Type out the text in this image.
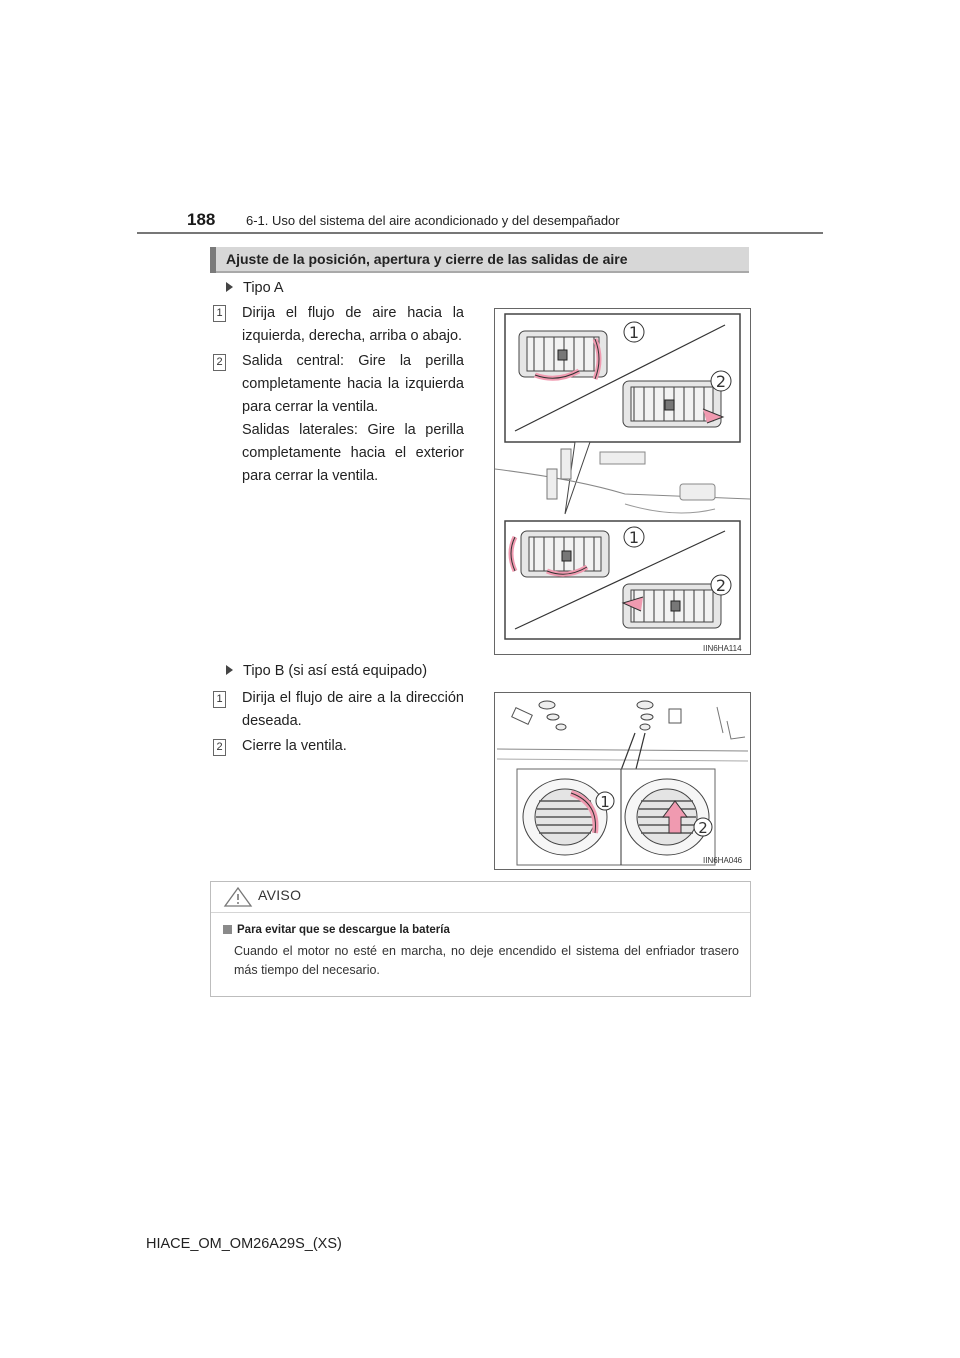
188 6-1. Uso del sistema del aire acondicionado y del desempañador
Ajuste de la posición, apertura y cierre de las salidas de aire
Tipo A
1 Dirija el flujo de aire hacia la izquierda, derecha, arriba o abajo.

2 Salida central: Gire la perilla completamente hacia la izquierda para cerrar la ventila.

Salidas laterales: Gire la perilla completamente hacia el exterior para cerrar la ventila.

1
2
1
2
IIN6HA114
Tipo B (si así está equipado)
1 Dirija el flujo de aire a la dirección deseada.

2 Cierre la ventila.

1
2
IIN6HA046
AVISO
Para evitar que se descargue la batería
Cuando el motor no esté en marcha, no deje encendido el sistema del enfriador trasero más tiempo del necesario.
HIACE_OM_OM26A29S_(XS)
